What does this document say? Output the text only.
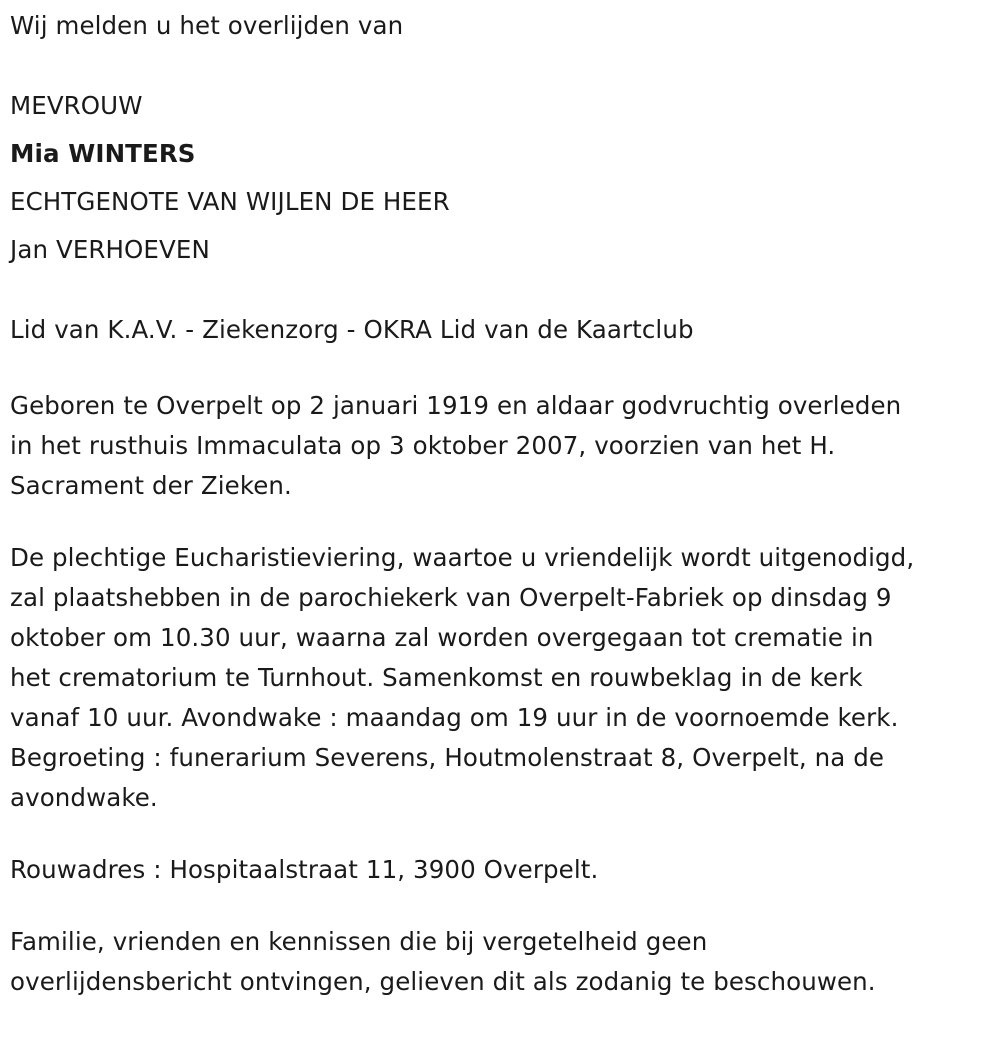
Wij melden u het overlijden van
MEVROUW
Mia WINTERS
ECHTGENOTE VAN WIJLEN DE HEER
Jan VERHOEVEN
Lid van K.A.V. - Ziekenzorg - OKRA Lid van de Kaartclub
Geboren te Overpelt op 2 januari 1919 en aldaar godvruchtig overleden
in het rusthuis Immaculata op 3 oktober 2007, voorzien van het H.
Sacrament der Zieken.
De plechtige Eucharistieviering, waartoe u vriendelijk wordt uitgenodigd,
zal plaatshebben in de parochiekerk van Overpelt-Fabriek op dinsdag 9
oktober om 10.30 uur, waarna zal worden overgegaan tot crematie in
het crematorium te Turnhout. Samenkomst en rouwbeklag in de kerk
vanaf 10 uur. Avondwake : maandag om 19 uur in de voornoemde kerk.
Begroeting : funerarium Severens, Houtmolenstraat 8, Overpelt, na de
avondwake.
Rouwadres : Hospitaalstraat 11, 3900 Overpelt.
Familie, vrienden en kennissen die bij vergetelheid geen
overlijdensbericht ontvingen, gelieven dit als zodanig te beschouwen.
